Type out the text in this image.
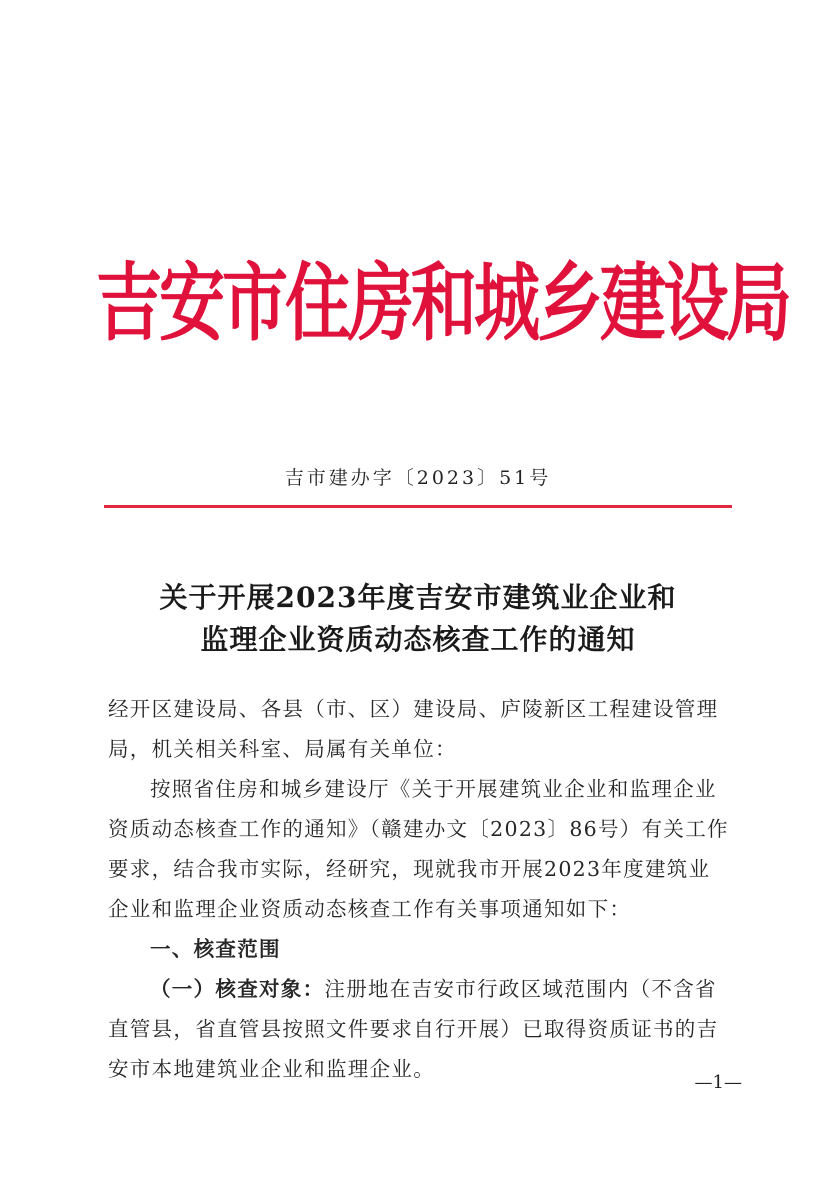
吉安市住房和城乡建设局
吉市建办字〔2023〕51号
关于开展2023年度吉安市建筑业企业和
监理企业资质动态核查工作的通知
经开区建设局、各县（市、区）建设局、庐陵新区工程建设管理
局，机关相关科室、局属有关单位：
按照省住房和城乡建设厅《关于开展建筑业企业和监理企业
资质动态核查工作的通知》（赣建办文〔2023〕86号）有关工作
要求，结合我市实际，经研究，现就我市开展2023年度建筑业
企业和监理企业资质动态核查工作有关事项通知如下：
一、核查范围
（一）核查对象：注册地在吉安市行政区域范围内（不含省
直管县，省直管县按照文件要求自行开展）已取得资质证书的吉
安市本地建筑业企业和监理企业。
—1—
